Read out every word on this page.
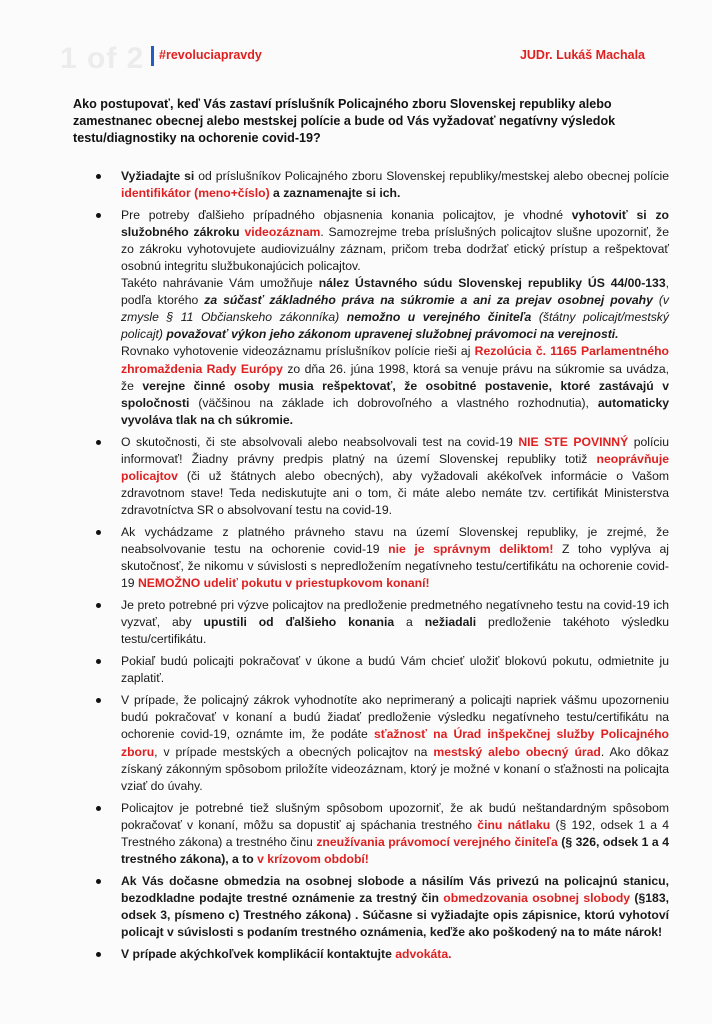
1 of 2 #revoluciapravdy	JUDr. Lukáš Machala
Ako postupovať, keď Vás zastaví príslušník Policajného zboru Slovenskej republiky alebo zamestnanec obecnej alebo mestskej polície a bude od Vás vyžadovať negatívny výsledok testu/diagnostiky na ochorenie covid-19?
Vyžiadajte si od príslušníkov Policajného zboru Slovenskej republiky/mestskej alebo obecnej polície identifikátor (meno+číslo) a zaznamenajte si ich.

Pre potreby ďalšieho prípadného objasnenia konania policajtov, je vhodné vyhotoviť si zo služobného zákroku videozáznam. Samozrejme treba príslušných policajtov slušne upozorniť, že zo zákroku vyhotovujete audiovizuálny záznam, pričom treba dodržať etický prístup a rešpektovať osobnú integritu službukonajúcich policajtov.

Takéto nahrávanie Vám umožňuje nález Ústavného súdu Slovenskej republiky ÚS 44/00-133, podľa ktorého za súčasť základného práva na súkromie a ani za prejav osobnej povahy (v zmysle § 11 Občianskeho zákonníka) nemožno u verejného činiteľa (štátny policajt/mestský policajt) považovať výkon jeho zákonom upravenej služobnej právomoci na verejnosti.

Rovnako vyhotovenie videozáznamu príslušníkov polície rieši aj Rezolúcia č. 1165 Parlamentného zhromaždenia Rady Európy zo dňa 26. júna 1998, ktorá sa venuje právu na súkromie sa uvádza, že verejne činné osoby musia rešpektovať, že osobitné postavenie, ktoré zastávajú v spoločnosti (väčšinou na základe ich dobrovoľného a vlastného rozhodnutia), automaticky vyvoláva tlak na ch súkromie.

O skutočnosti, či ste absolvovali alebo neabsolvovali test na covid-19 NIE STE POVINNÝ políciu informovať! Žiadny právny predpis platný na území Slovenskej republiky totiž neoprávňuje policajtov (či už štátnych alebo obecných), aby vyžadovali akékoľvek informácie o Vašom zdravotnom stave! Teda nediskutujte ani o tom, či máte alebo nemáte tzv. certifikát Ministerstva zdravotníctva SR o absolvovaní testu na covid-19.
Ak vychádzame z platného právneho stavu na území Slovenskej republiky, je zrejmé, že neabsolvovanie testu na ochorenie covid-19 nie je správnym deliktom! Z toho vyplýva aj skutočnosť, že nikomu v súvislosti s nepredložením negatívneho testu/certifikátu na ochorenie covid-19 NEMOŽNO udeliť pokutu v priestupkovom konaní!
Je preto potrebné pri výzve policajtov na predloženie predmetného negatívneho testu na covid-19 ich vyzvať, aby upustili od ďalšieho konania a nežiadali predloženie takéhoto výsledku testu/certifikátu.
Pokiaľ budú policajti pokračovať v úkone a budú Vám chcieť uložiť blokovú pokutu, odmietnite ju zaplatiť.
V prípade, že policajný zákrok vyhodnotíte ako neprimeraný a policajti napriek vášmu upozorneniu budú pokračovať v konaní a budú žiadať predloženie výsledku negatívneho testu/certifikátu na ochorenie covid-19, oznámte im, že podáte sťažnosť na Úrad inšpekčnej služby Policajného zboru, v prípade mestských a obecných policajtov na mestský alebo obecný úrad. Ako dôkaz získaný zákonným spôsobom priložíte videozáznam, ktorý je možné v konaní o sťažnosti na policajta vziať do úvahy.
Policajtov je potrebné tiež slušným spôsobom upozorniť, že ak budú neštandardným spôsobom pokračovať v konaní, môžu sa dopustiť aj spáchania trestného činu nátlaku (§ 192, odsek 1 a 4 Trestného zákona) a trestného činu zneužívania právomocí verejného činiteľa (§ 326, odsek 1 a 4 trestného zákona), a to v krízovom období!
Ak Vás dočasne obmedzia na osobnej slobode a násilím Vás privezú na policajnú stanicu, bezodkladne podajte trestné oznámenie za trestný čin obmedzovania osobnej slobody (§183, odsek 3, písmeno c) Trestného zákona) . Súčasne si vyžiadajte opis zápisnice, ktorú vyhotoví policajt v súvislosti s podaním trestného oznámenia, keďže ako poškodený na to máte nárok!
V prípade akýchkoľvek komplikácií kontaktujte advokáta.
